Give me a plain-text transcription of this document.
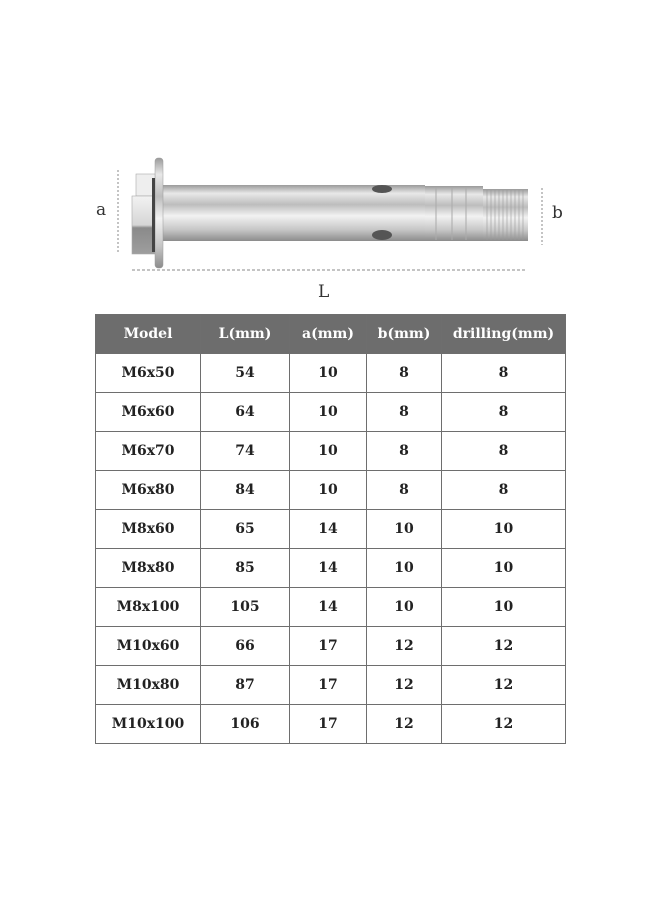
a	b
L
Model	L(mm)	a(mm)	b(mm)	drilling(mm)
M6x50	54	10	8	8
M6x60	64	10	8	8
M6x70	74	10	8	8
M6x80	84	10	8	8
M8x60	65	14	10	10
M8x80	85	14	10	10
M8x100	105	14	10	10
M10x60	66	17	12	12
M10x80	87	17	12	12
M10x100	106	17	12	12
